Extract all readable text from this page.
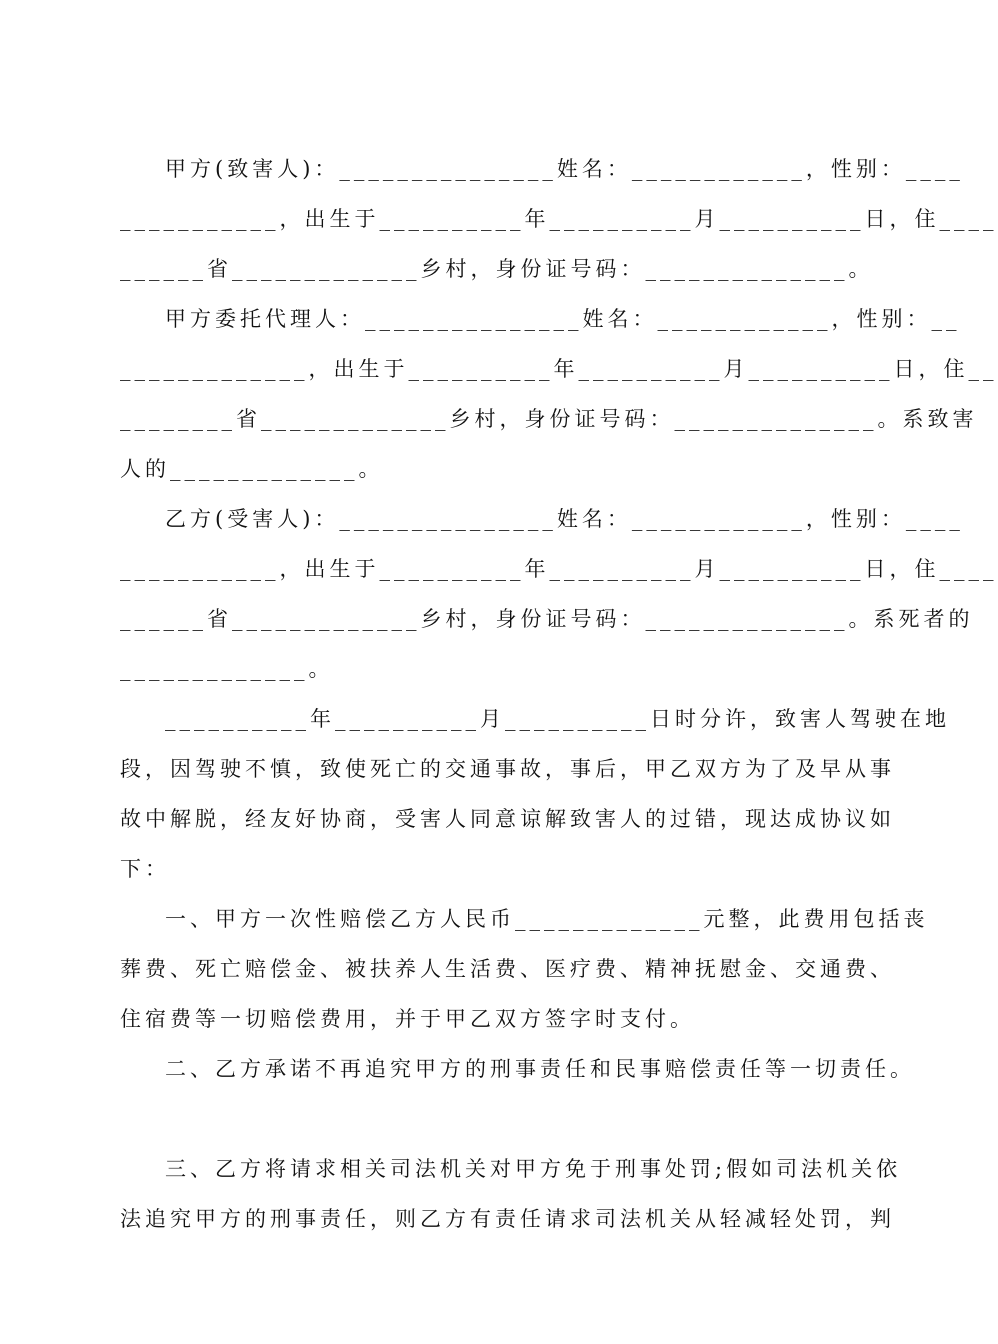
甲方(致害人)：_______________姓名：____________，性别：____
___________，出生于__________年__________月__________日，住____
______省_____________乡村，身份证号码：______________。
甲方委托代理人：_______________姓名：____________，性别：__
_____________，出生于__________年__________月__________日，住__
________省_____________乡村，身份证号码：______________。系致害
人的_____________。
乙方(受害人)：_______________姓名：____________，性别：____
___________，出生于__________年__________月__________日，住____
______省_____________乡村，身份证号码：______________。系死者的
_____________。
__________年__________月__________日时分许，致害人驾驶在地
段，因驾驶不慎，致使死亡的交通事故，事后，甲乙双方为了及早从事
故中解脱，经友好协商，受害人同意谅解致害人的过错，现达成协议如
下：
一、甲方一次性赔偿乙方人民币_____________元整，此费用包括丧
葬费、死亡赔偿金、被扶养人生活费、医疗费、精神抚慰金、交通费、
住宿费等一切赔偿费用，并于甲乙双方签字时支付。
二、乙方承诺不再追究甲方的刑事责任和民事赔偿责任等一切责任。
三、乙方将请求相关司法机关对甲方免于刑事处罚;假如司法机关依
法追究甲方的刑事责任，则乙方有责任请求司法机关从轻减轻处罚，判
